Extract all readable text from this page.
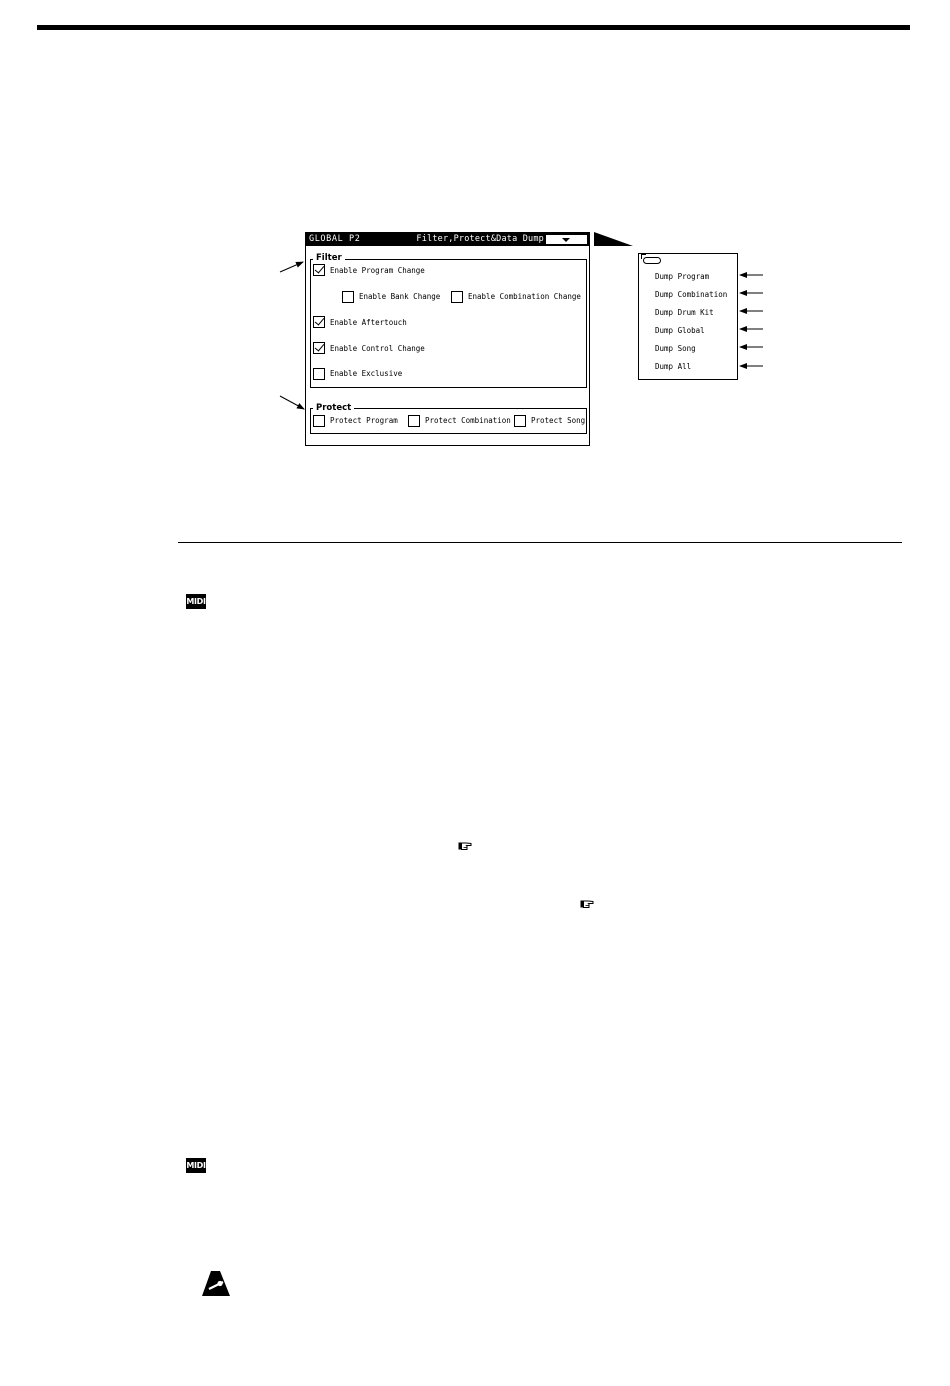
GLOBAL P2	Filter,Protect&Data Dump
Filter
Protect
Enable Program Change
Enable Bank Change	Enable Combination Change
Enable Aftertouch
Enable Control Change
Enable Exclusive
Protect Program	Protect Combination	Protect Song
Dump Program
Dump Combination
Dump Drum Kit
Dump Global
Dump Song
Dump All
MIDI
MIDI
